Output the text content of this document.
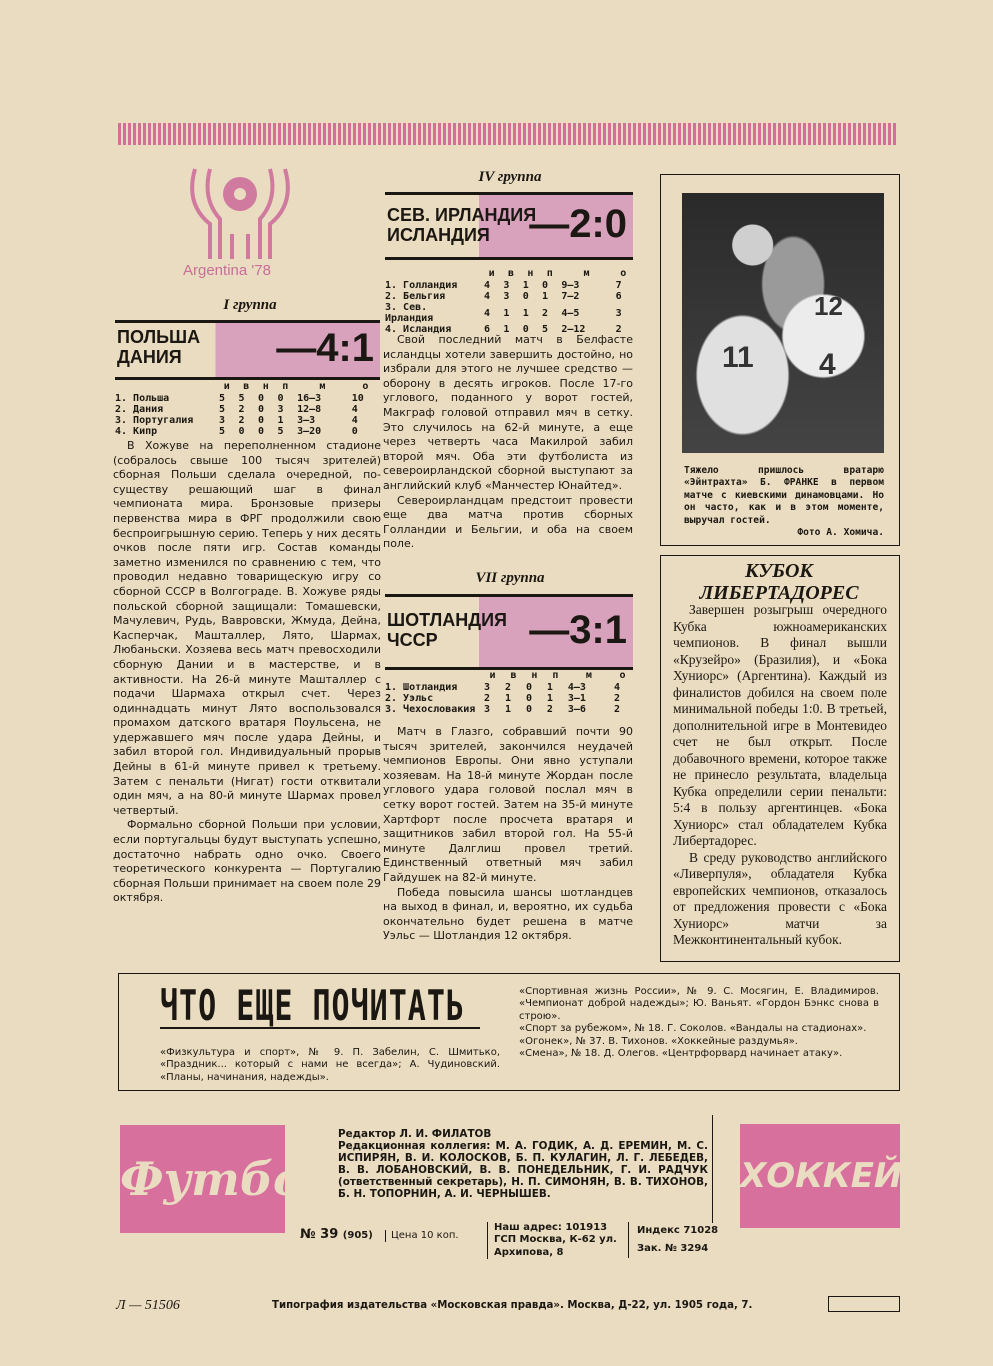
Argentina '78
I группа
ПОЛЬША
ДАНИЯ	—4:1
	и	в	н	п	м	о
1. Польша	5	5	0	0	16—3	10
2. Дания	5	2	0	3	12—8	4
3. Португалия	3	2	0	1	3—3	4
4. Кипр	5	0	0	5	3—20	0

В Хожуве на переполненном стадионе (собралось свыше 100 тысяч зрителей) сборная Польши сделала очередной, по-существу решающий шаг в финал чемпионата мира. Бронзовые призеры первенства мира в ФРГ продолжили свою беспроигрышную серию. Теперь у них десять очков после пяти игр. Состав команды заметно изменился по сравнению с тем, что проводил недавно товарищескую игру со сборной СССР в Волгограде. В. Хожуве ряды польской сборной защищали: Томашевски, Мачулевич, Рудь, Вавровски, Жмуда, Дейна, Касперчак, Машталлер, Лято, Шармах, Любаньски. Хозяева весь матч превосходили сборную Дании и в мастерстве, и в активности. На 26-й минуте Машталлер с подачи Шармаха открыл счет. Через одиннадцать минут Лято воспользовался промахом датского вратаря Поульсена, не удержавшего мяч после удара Дейны, и забил второй гол. Индивидуальный прорыв Дейны в 61-й минуте привел к третьему. Затем с пенальти (Нигат) гости отквитали один мяч, а на 80-й минуте Шармах провел четвертый.

Формально сборной Польши при условии, если португальцы будут выступать успешно, достаточно набрать одно очко. Своего теоретического конкурента — Португалию сборная Польши принимает на своем поле 29 октября.

IV группа
СЕВ. ИРЛАНДИЯ
ИСЛАНДИЯ —2:0
	и	в	н	п	м	о
1. Голландия	4	3	1	0	9—3	7
2. Бельгия	4	3	0	1	7—2	6
3. Сев. Ирландия	4	1	1	2	4—5	3
4. Исландия	6	1	0	5	2—12	2

Свой последний матч в Белфасте исландцы хотели завершить достойно, но избрали для этого не лучшее средство — оборону в десять игроков. После 17-го углового, поданного у ворот гостей, Макграф головой отправил мяч в сетку. Это случилось на 62-й минуте, а еще через четверть часа Макилрой забил второй мяч. Оба эти футболиста из североирландской сборной выступают за английский клуб «Манчестер Юнайтед».

Североирландцам предстоит провести еще два матча против сборных Голландии и Бельгии, и оба на своем поле.

VII группа
ШОТЛАНДИЯ
ЧССР	—3:1
	и	в	н	п	м	о
1. Шотландия	3	2	0	1	4—3	4
2. Уэльс	2	1	0	1	3—1	2
3. Чехословакия	3	1	0	2	3—6	2

Матч в Глазго, собравший почти 90 тысяч зрителей, закончился неудачей чемпионов Европы. Они явно уступали хозяевам. На 18-й минуте Жордан после углового удара головой послал мяч в сетку ворот гостей. Затем на 35-й минуте Хартфорт после просчета вратаря и защитников забил второй гол. На 55-й минуте Далглиш провел третий. Единственный ответный мяч забил Гайдушек на 82-й минуте.

Победа повысила шансы шотландцев на выход в финал, и, вероятно, их судьба окончательно будет решена в матче Уэльс — Шотландия 12 октября.

12
11 4
Тяжело пришлось вратарю «Эйнтрахта» Б. ФРАНКЕ в первом матче с киевскими динамовцами. Но он часто, как и в этом моменте, выручал гостей.
Фото А. Хомича.
КУБОК
ЛИБЕРТАДОРЕС

Завершен розыгрыш очередного Кубка южноамериканских чемпионов. В финал вышли «Крузейро» (Бразилия), и «Бока Хуниорс» (Аргентина). Каждый из финалистов добился на своем поле минимальной победы 1:0. В третьей, дополнительной игре в Монтевидео счет не был открыт. После добавочного времени, которое также не принесло результата, владельца Кубка определили серии пенальти: 5:4 в пользу аргентинцев. «Бока Хуниорс» стал обладателем Кубка Либертадорес.

В среду руководство английского «Ливерпуля», обладателя Кубка европейских чемпионов, отказалось от предложения провести с «Бока Хуниорс» матчи за Межконтинентальный кубок.

ЧТО ЕЩЕ ПОЧИТАТЬ
«Физкультура и спорт», № 9. П. Забелин, С. Шмитько, «Праздник... который с нами не всегда»; А. Чудиновский. «Планы, начинания, надежды».
«Спортивная жизнь России», № 9. С. Мосягин, Е. Владимиров. «Чемпионат доброй надежды»; Ю. Ваньят. «Гордон Бэнкс снова в строю».
«Спорт за рубежом», № 18. Г. Соколов. «Вандалы на стадионах».
«Огонек», № 37. В. Тихонов. «Хоккейные раздумья».
«Смена», № 18. Д. Олегов. «Центрфорвард начинает атаку».
Футбол
Редактор Л. И. ФИЛАТОВ
Редакционная коллегия: М. А. ГОДИК, А. Д. ЕРЕМИН, М. С. ИСПИРЯН, В. И. КОЛОСКОВ, Б. П. КУЛАГИН, Л. Г. ЛЕБЕДЕВ, В. В. ЛОБАНОВСКИЙ, В. В. ПОНЕДЕЛЬНИК, Г. И. РАДЧУК (ответственный секретарь), Н. П. СИМОНЯН, В. В. ТИХОНОВ, Б. Н. ТОПОРНИН, А. И. ЧЕРНЫШЕВ.
№ 39 (905)	Цена 10 коп.
Наш адрес: 101913 ГСП Москва, К-62 ул. Архипова, 8
Индекс 71028
Зак. № 3294
ХОККЕЙ
Л — 51506	Типография издательства «Московская правда». Москва, Д-22, ул. 1905 года, 7.
